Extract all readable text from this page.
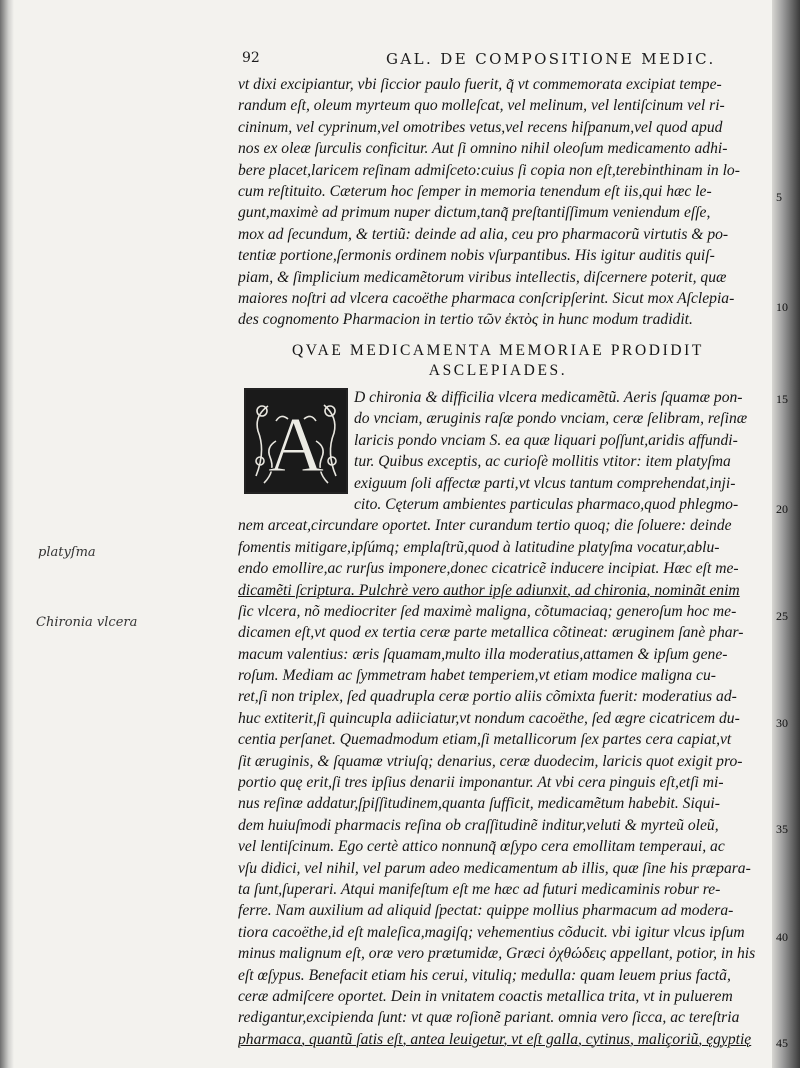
92	GAL. DE COMPOSITIONE MEDIC.
vt dixi excipiantur, vbi ſiccior paulo fuerit, q̃ vt commemorata excipiat tempe-
randum eſt, oleum myrteum quo molleſcat, vel melinum, vel lentiſcinum vel ri-
cininum, vel cyprinum,vel omotribes vetus,vel recens hiſpanum,vel quod apud
nos ex oleæ ſurculis conficitur. Aut ſi omnino nihil oleoſum medicamento adhi-
bere placet,laricem reſinam admiſceto:cuius ſi copia non eſt,terebinthinam in lo-
cum reſtituito. Cæterum hoc ſemper in memoria tenendum eſt iis,qui hæc le-
gunt,maximè ad primum nuper dictum,tanq̃ preſtantiſſimum veniendum eſſe,
mox ad ſecundum, & tertiũ: deinde ad alia, ceu pro pharmacorũ virtutis & po-
tentiæ portione,ſermonis ordinem nobis vſurpantibus. His igitur auditis quiſ-
piam, & ſimplicium medicamẽtorum viribus intellectis, diſcernere poterit, quæ
maiores noſtri ad vlcera cacoëthe pharmaca conſcripſerint. Sicut mox Aſclepia-
des cognomento Pharmacion in tertio τῶν ἐκτὸς in hunc modum tradidit.
QVAE MEDICAMENTA MEMORIAE PRODIDIT
ASCLEPIADES.
A
D chironia & difficilia vlcera medicamẽtũ. Aeris ſquamæ pon-
do vnciam, æruginis raſæ pondo vnciam, ceræ ſelibram, reſinæ
laricis pondo vnciam S. ea quæ liquari poſſunt,aridis affundi-
tur. Quibus exceptis, ac curioſè mollitis vtitor: item platyſma
exiguum ſoli affectæ parti,vt vlcus tantum comprehendat,inji-
cito. Cęterum ambientes particulas pharmaco,quod phlegmo-
nem arceat,circundare oportet. Inter curandum tertio quoq; die ſoluere: deinde
fomentis mitigare,ipſúmq; emplaſtrũ,quod à latitudine platyſma vocatur,ablu-
endo emollire,ac rurſus imponere,donec cicatricẽ inducere incipiat. Hæc eſt me-
dicamẽti ſcriptura. Pulchrè vero author ipſe adiunxit, ad chironia, nominãt enim
ſic vlcera, nõ mediocriter ſed maximè maligna, cõtumaciaq; generoſum hoc me-
dicamen eſt,vt quod ex tertia ceræ parte metallica cõtineat: æruginem ſanè phar-
macum valentius: æris ſquamam,multo illa moderatius,attamen & ipſum gene-
roſum. Mediam ac ſymmetram habet temperiem,vt etiam modice maligna cu-
ret,ſi non triplex, ſed quadrupla ceræ portio aliis cõmixta fuerit: moderatius ad-
huc extiterit,ſi quincupla adiiciatur,vt nondum cacoëthe, ſed ægre cicatricem du-
centia perſanet. Quemadmodum etiam,ſi metallicorum ſex partes cera capiat,vt
ſit æruginis, & ſquamæ vtriuſq; denarius, ceræ duodecim, laricis quot exigit pro-
portio quę erit,ſi tres ipſius denarii imponantur. At vbi cera pinguis eſt,etſi mi-
nus reſinæ addatur,ſpiſſitudinem,quanta ſufficit, medicamẽtum habebit. Siqui-
dem huiuſmodi pharmacis reſina ob craſſitudinẽ inditur,veluti & myrteũ oleũ,
vel lentiſcinum. Ego certè attico nonnunq̃ œſypo cera emollitam temperaui, ac
vſu didici, vel nihil, vel parum adeo medicamentum ab illis, quæ ſine his præpara-
ta ſunt,ſuperari. Atqui manifeſtum eſt me hæc ad futuri medicaminis robur re-
ferre. Nam auxilium ad aliquid ſpectat: quippe mollius pharmacum ad modera-
tiora cacoëthe,id eſt maleſica,magiſq; vehementius cõducit. vbi igitur vlcus ipſum
minus malignum eſt, oræ vero prætumidæ, Græci ὀχθώδεις appellant, potior, in his
eſt œſypus. Benefacit etiam his cerui, vituliq; medulla: quam leuem prius factã,
ceræ admiſcere oportet. Dein in vnitatem coactis metallica trita, vt in puluerem
redigantur,excipienda ſunt: vt quæ roſionẽ pariant. omnia vero ſicca, ac tereſtria
pharmaca, quantũ ſatis eſt, antea leuigetur, vt eſt galla, cytinus, maliçoriũ, ęgyptię
5
10
15
20
25
30
35
40
45
platyſma
Chironia vlcera
